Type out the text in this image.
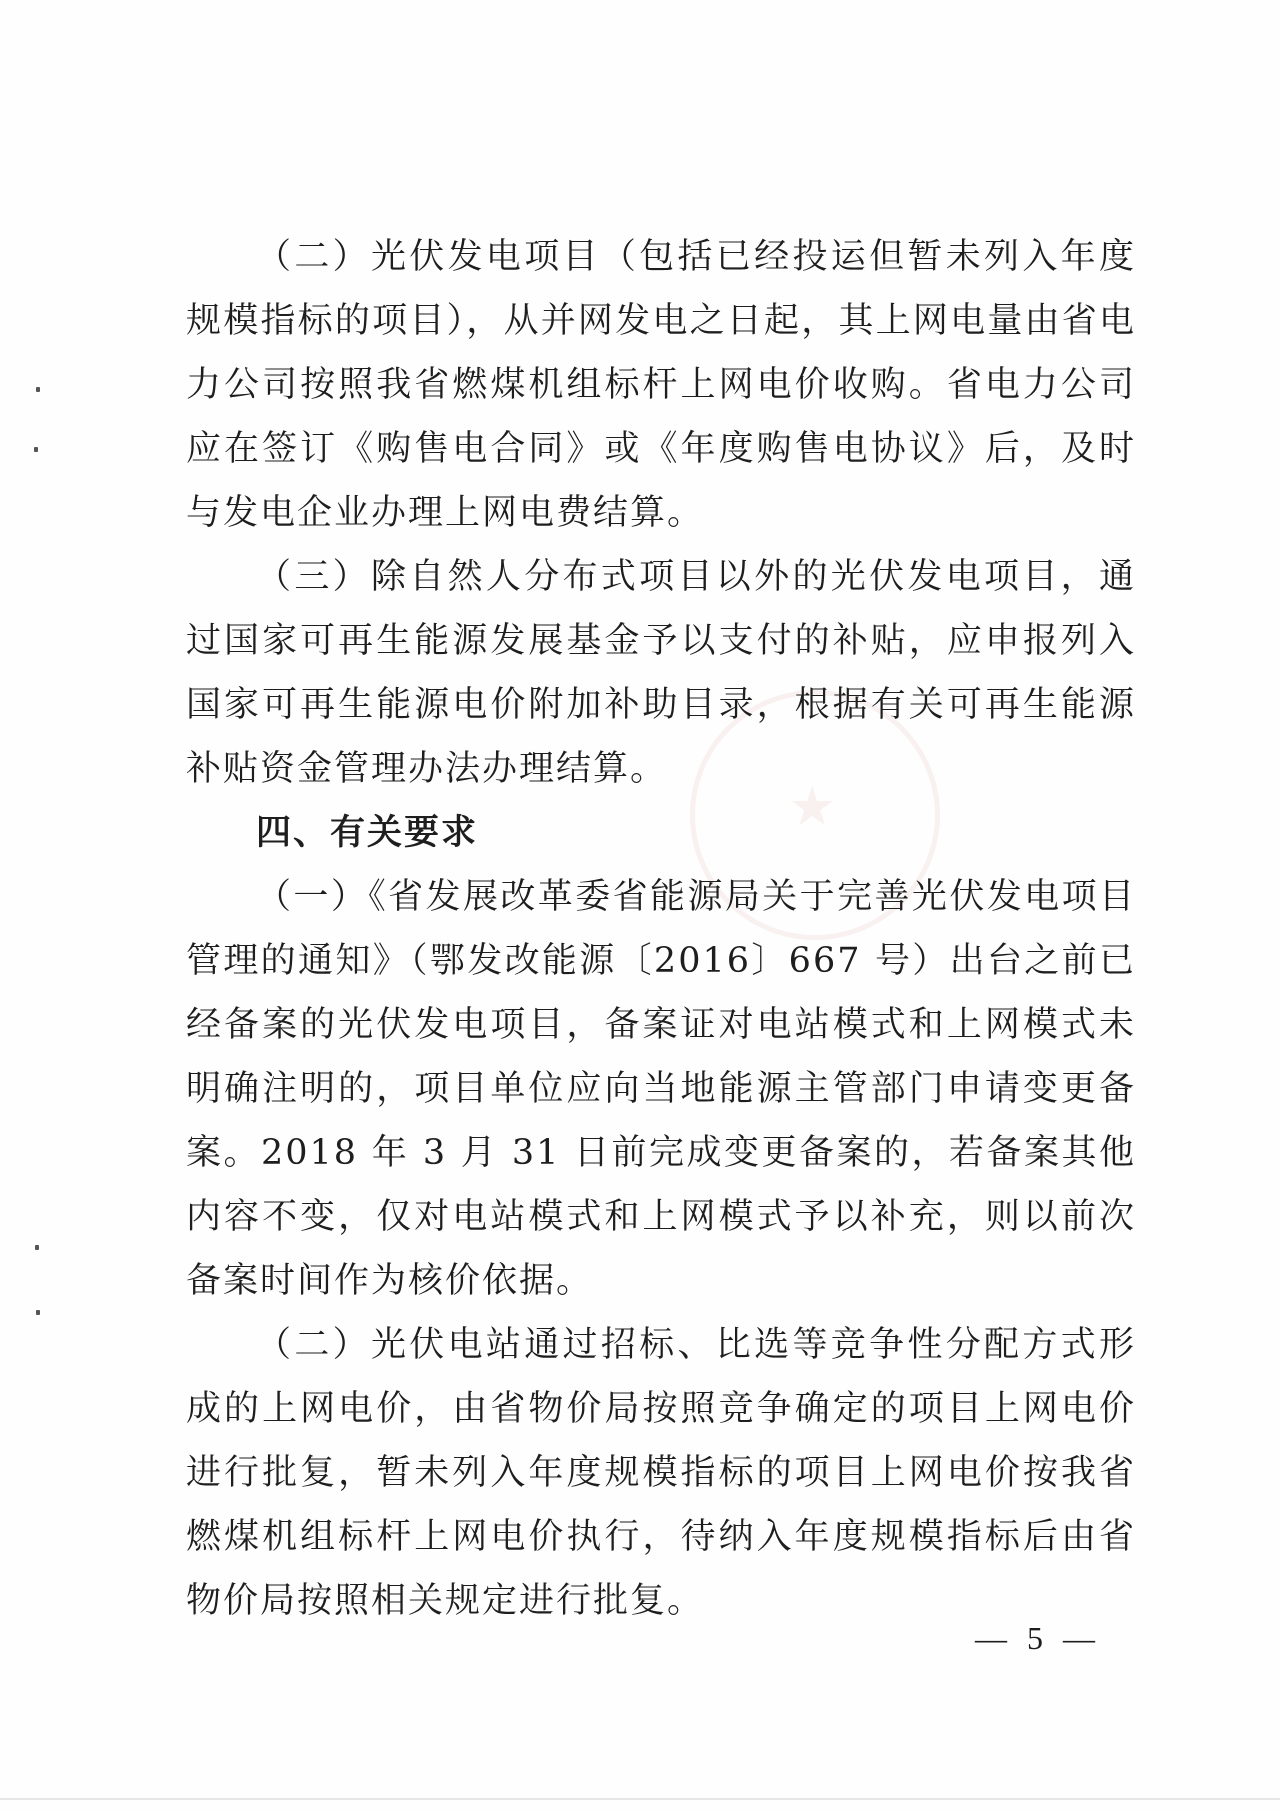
★

（二）光伏发电项目（包括已经投运但暂未列入年度规模指标的项目），从并网发电之日起，其上网电量由省电力公司按照我省燃煤机组标杆上网电价收购。省电力公司应在签订《购售电合同》或《年度购售电协议》后，及时与发电企业办理上网电费结算。

（三）除自然人分布式项目以外的光伏发电项目，通过国家可再生能源发展基金予以支付的补贴，应申报列入国家可再生能源电价附加补助目录，根据有关可再生能源补贴资金管理办法办理结算。

四、有关要求

（一）《省发展改革委省能源局关于完善光伏发电项目管理的通知》（鄂发改能源〔2016〕667 号）出台之前已经备案的光伏发电项目，备案证对电站模式和上网模式未明确注明的，项目单位应向当地能源主管部门申请变更备案。2018 年 3 月 31 日前完成变更备案的，若备案其他内容不变，仅对电站模式和上网模式予以补充，则以前次备案时间作为核价依据。

（二）光伏电站通过招标、比选等竞争性分配方式形成的上网电价，由省物价局按照竞争确定的项目上网电价进行批复，暂未列入年度规模指标的项目上网电价按我省燃煤机组标杆上网电价执行，待纳入年度规模指标后由省物价局按照相关规定进行批复。

— 5 —
